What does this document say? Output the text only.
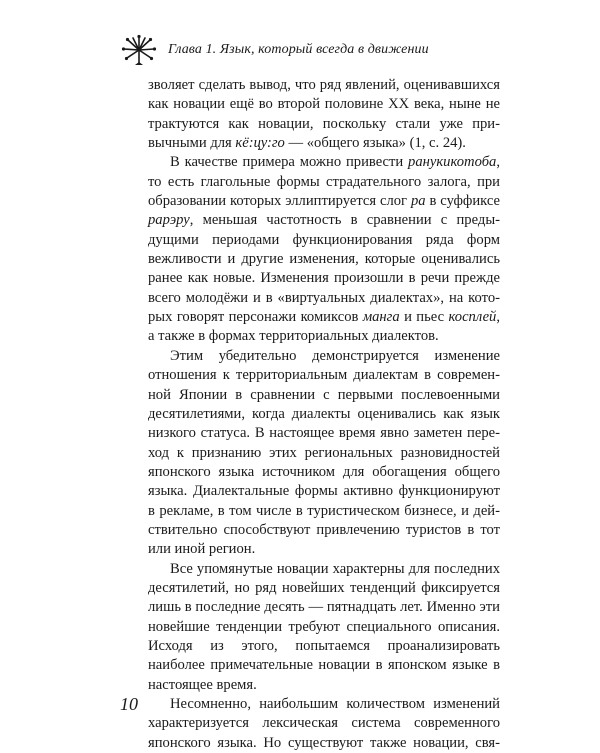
Глава 1. Язык, который всегда в движении

зволяет сделать вывод, что ряд явлений, оценивавшихся как новации ещё во второй половине XX века, ныне не трактуются как новации, поскольку стали уже привычными для кё:цу:го — «общего языка» (1, с. 24).

В качестве примера можно привести ранукикотоба, то есть глагольные формы страдательного залога, при образовании которых эллиптируется слог ра в суффиксе рарэру, меньшая частотность в сравнении с предыдущими периодами функционирования ряда форм вежливости и другие изменения, которые оценивались ранее как новые. Изменения произошли в речи прежде всего молодёжи и в «виртуальных диалектах», на которых говорят персонажи комиксов манга и пьес косплей, а также в формах территориальных диалектов.

Этим убедительно демонстрируется изменение отношения к территориальным диалектам в современной Японии в сравнении с первыми послевоенными десятилетиями, когда диалекты оценивались как язык низкого статуса. В настоящее время явно заметен переход к признанию этих региональных разновидностей японского языка источником для обогащения общего языка. Диалектальные формы активно функционируют в рекламе, в том числе в туристическом бизнесе, и действительно способствуют привлечению туристов в тот или иной регион.

Все упомянутые новации характерны для последних десятилетий, но ряд новейших тенденций фиксируется лишь в последние десять — пятнадцать лет. Именно эти новейшие тенденции требуют специального описания. Исходя из этого, попытаемся проанализировать наиболее примечательные новации в японском языке в настоящее время.

Несомненно, наибольшим количеством изменений характеризуется лексическая система современного японского языка. Но существуют также новации, свя-

10
